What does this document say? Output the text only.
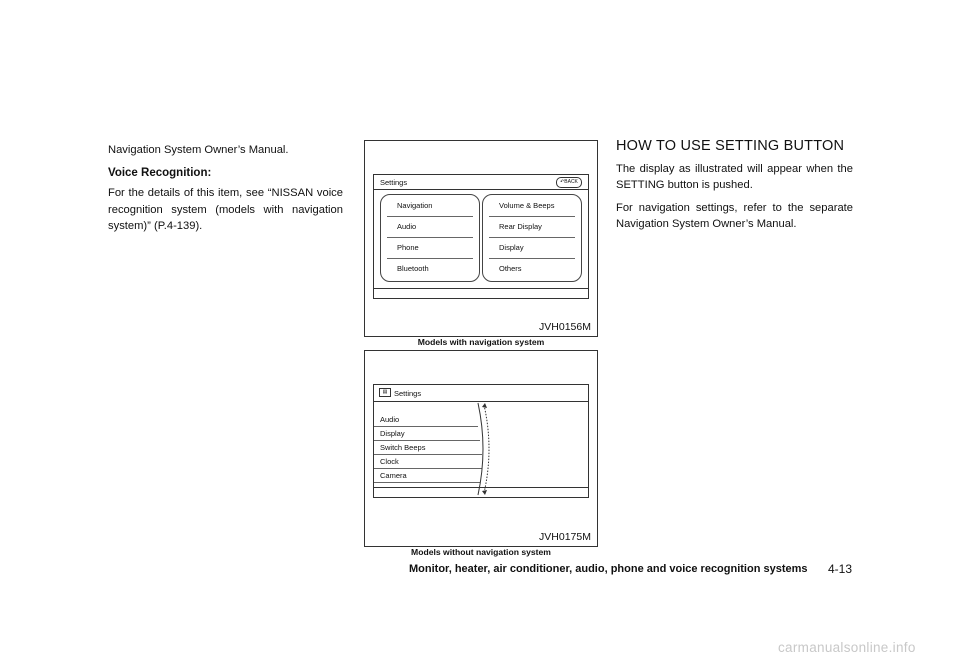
Navigation System Owner’s Manual.

Voice Recognition:

For the details of this item, see “NISSAN voice recognition system (models with navigation system)” (P.4-139).

Settings	↶BACK
Navigation
Audio
Phone
Bluetooth
Volume & Beeps
Rear Display
Display
Others
JVH0156M
Models with navigation system
▤ Settings
Audio
Display
Switch Beeps
Clock
Camera
JVH0175M
Models without navigation system
HOW TO USE SETTING BUTTON

The display as illustrated will appear when the SETTING button is pushed.

For navigation settings, refer to the separate Navigation System Owner’s Manual.

Monitor, heater, air conditioner, audio, phone and voice recognition systems 4-13
carmanualsonline.info
